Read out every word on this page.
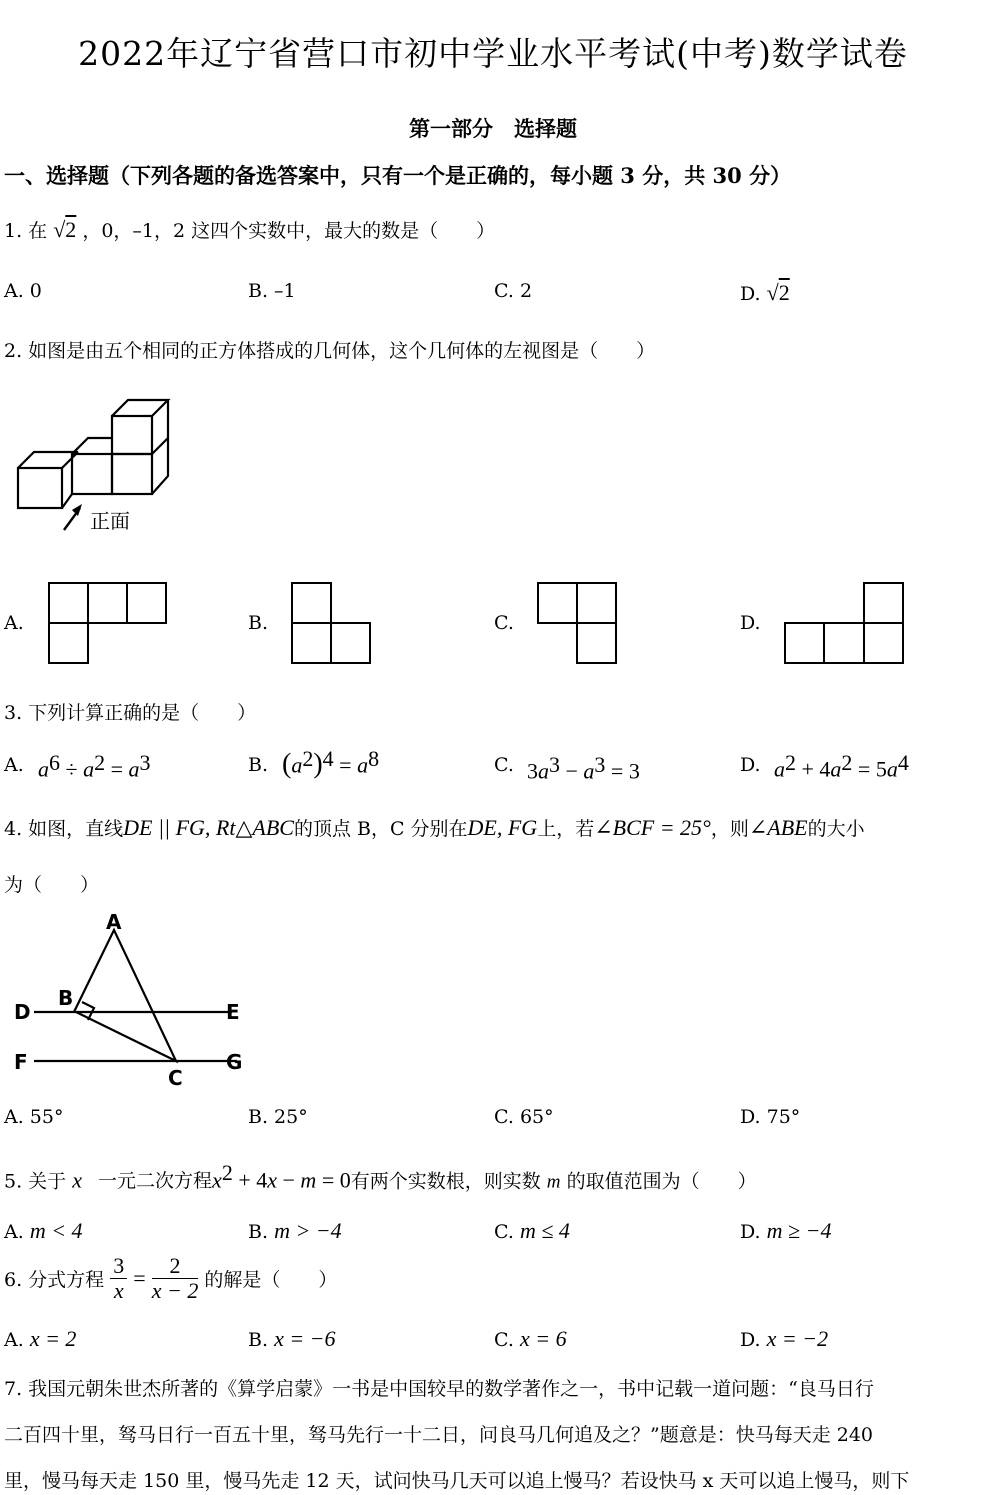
2022年辽宁省营口市初中学业水平考试(中考)数学试卷
第一部分　选择题
一、选择题（下列各题的备选答案中，只有一个是正确的，每小题 3 分，共 30 分）
1. 在 √2 ，0，–1，2 这四个实数中，最大的数是（　　）
A. 0	B. –1	C. 2	D. √2
2. 如图是由五个相同的正方体搭成的几何体，这个几何体的左视图是（　　）
正面
A.	B.	C.	D.
3. 下列计算正确的是（　　）
A. $a^6 \div a^2 = a^3$	B. $(a^2)^4 = a^8$	C. $3a^3 - a^3 = 3$	D. $a^2 + 4a^2 = 5a^4$
4. 如图，直线DE || FG, Rt△ABC的顶点 B，C 分别在DE, FG上，若∠BCF = 25°，则∠ABE的大小
为（　　）
A
B
D	E
F
C
G
A. 55°	B. 25°	C. 65°	D. 75°
5. 关于 x 一元二次方程$x^2 + 4x - m = 0$有两个实数根，则实数 m 的取值范围为（　　）
A. m < 4	B. m > −4	C. m ≤ 4	D. m ≥ −4
6. 分式方程 $\frac{3}{x} = \frac{2}{x - 2}$ 的解是（　　）
A. x = 2	B. x = −6	C. x = 6	D. x = −2
7. 我国元朝朱世杰所著的《算学启蒙》一书是中国较早的数学著作之一，书中记载一道问题：“良马日行
二百四十里，驽马日行一百五十里，驽马先行一十二日，问良马几何追及之？”题意是：快马每天走 240
里，慢马每天走 150 里，慢马先走 12 天，试问快马几天可以追上慢马？若设快马 x 天可以追上慢马，则下
